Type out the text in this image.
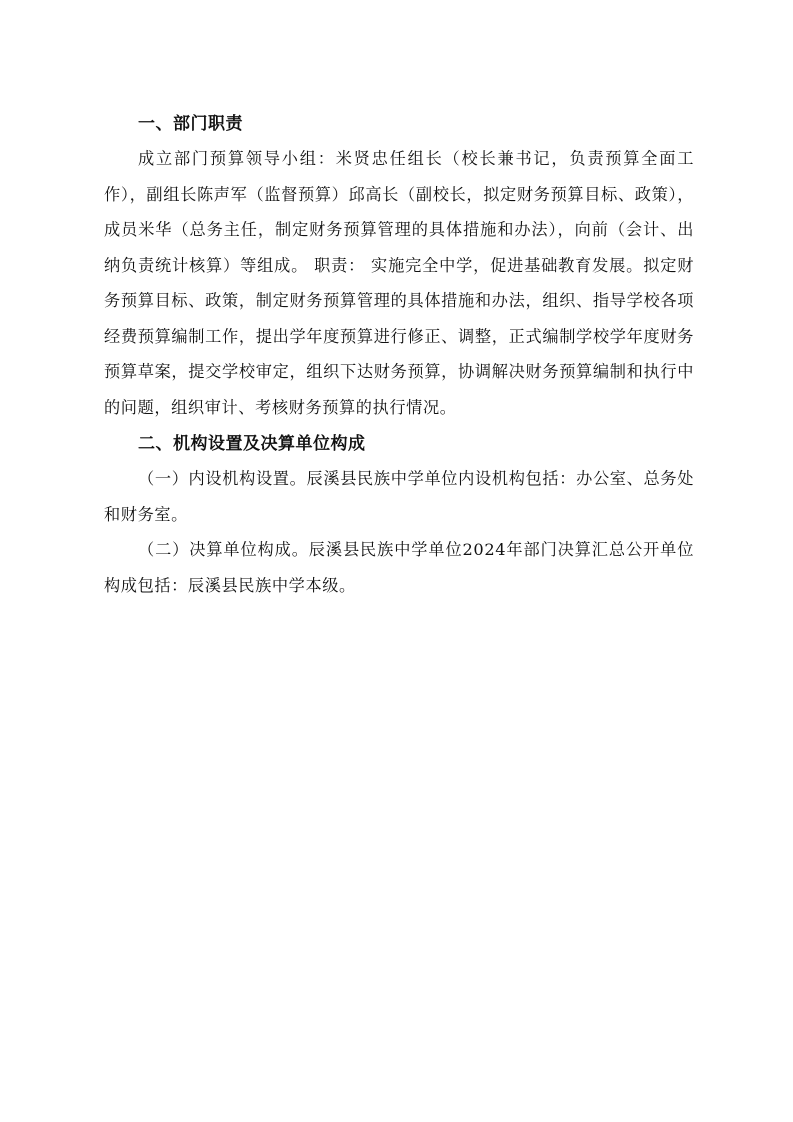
一、部门职责

成立部门预算领导小组：米贤忠任组长（校长兼书记，负责预算全面工作），副组长陈声军（监督预算）邱高长（副校长，拟定财务预算目标、政策），成员米华（总务主任，制定财务预算管理的具体措施和办法），向前（会计、出纳负责统计核算）等组成。 职责： 实施完全中学，促进基础教育发展。拟定财务预算目标、政策，制定财务预算管理的具体措施和办法，组织、指导学校各项经费预算编制工作，提出学年度预算进行修正、调整，正式编制学校学年度财务预算草案，提交学校审定，组织下达财务预算，协调解决财务预算编制和执行中的问题，组织审计、考核财务预算的执行情况。

二、机构设置及决算单位构成

（一）内设机构设置。辰溪县民族中学单位内设机构包括：办公室、总务处和财务室。

（二）决算单位构成。辰溪县民族中学单位2024年部门决算汇总公开单位构成包括：辰溪县民族中学本级。
